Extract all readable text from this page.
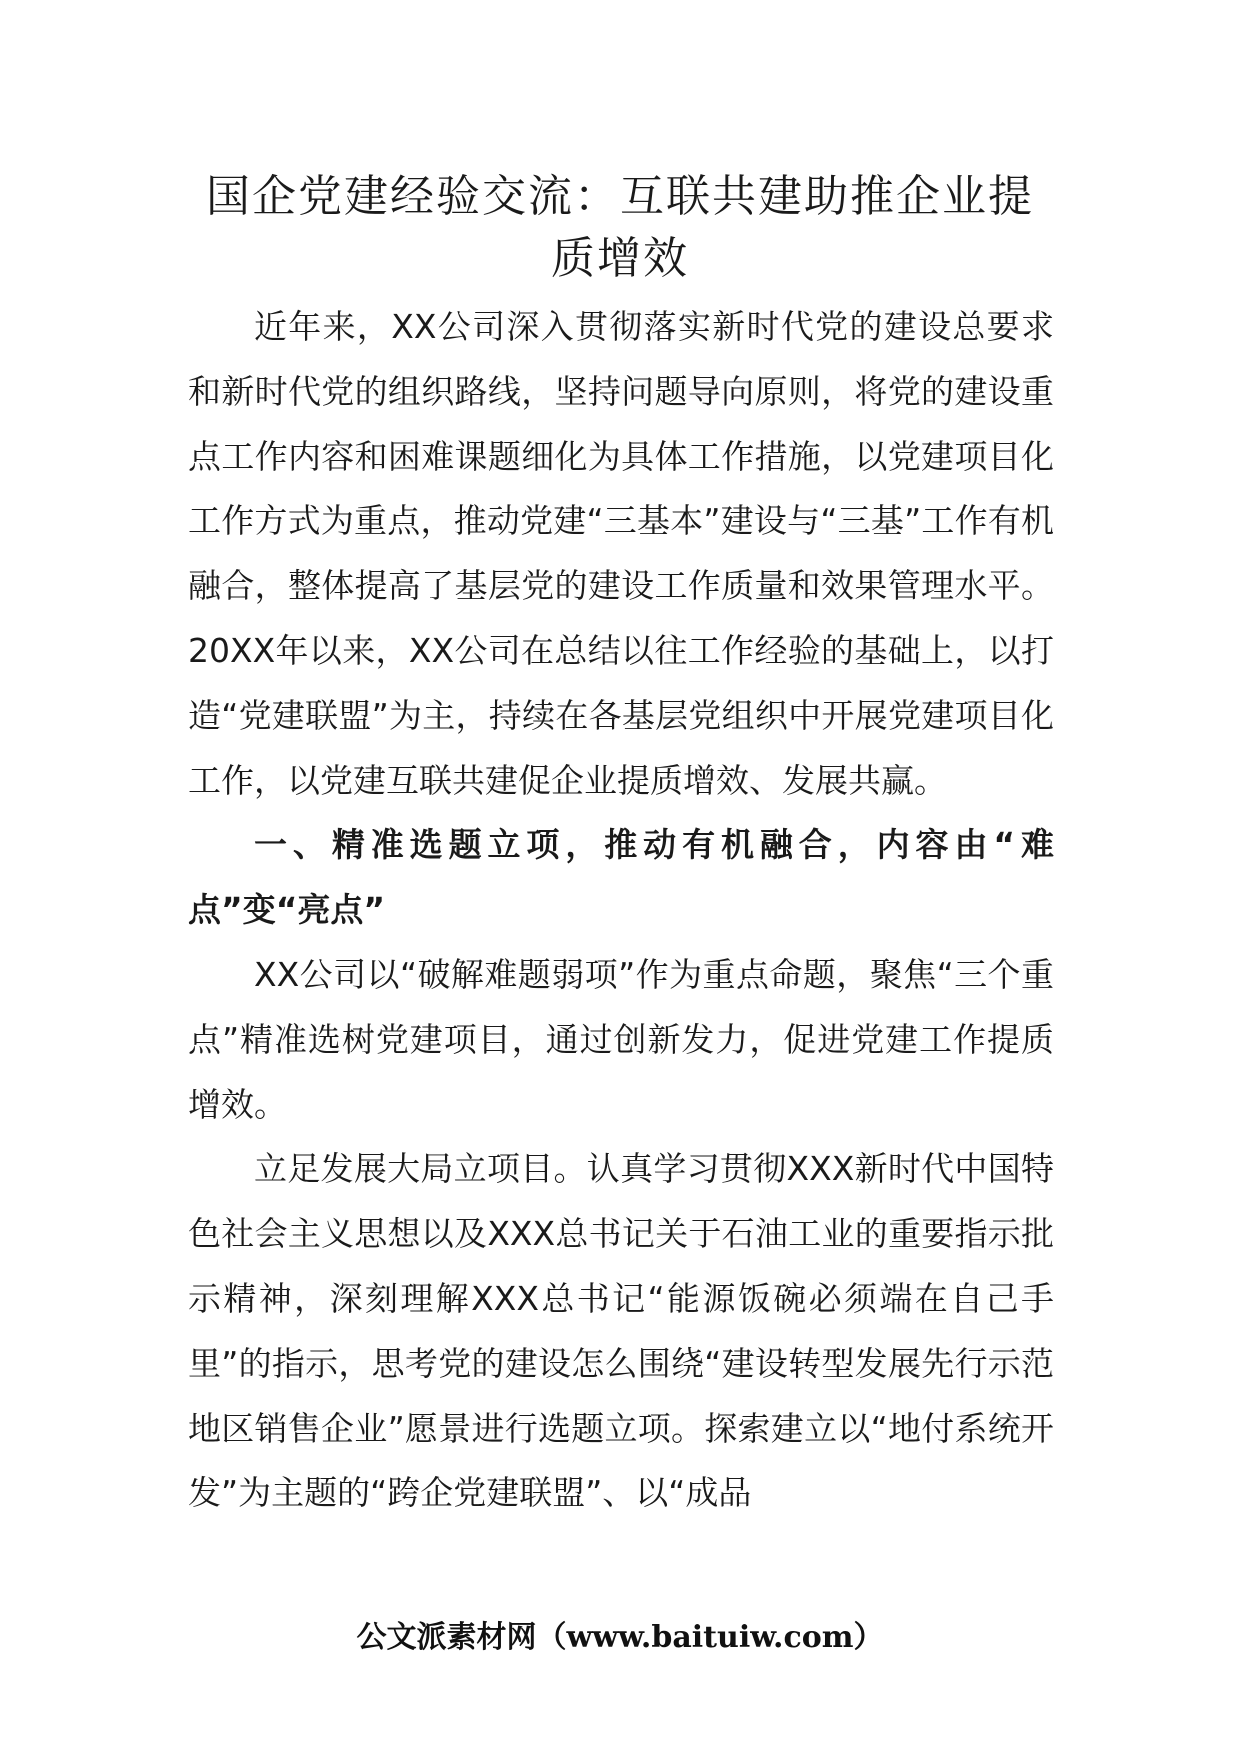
国企党建经验交流：互联共建助推企业提质增效

近年来，XX公司深入贯彻落实新时代党的建设总要求和新时代党的组织路线，坚持问题导向原则，将党的建设重点工作内容和困难课题细化为具体工作措施，以党建项目化工作方式为重点，推动党建“三基本”建设与“三基”工作有机融合，整体提高了基层党的建设工作质量和效果管理水平。20XX年以来，XX公司在总结以往工作经验的基础上，以打造“党建联盟”为主，持续在各基层党组织中开展党建项目化工作，以党建互联共建促企业提质增效、发展共赢。

一、精准选题立项，推动有机融合，内容由“难点”变“亮点”

XX公司以“破解难题弱项”作为重点命题，聚焦“三个重点”精准选树党建项目，通过创新发力，促进党建工作提质增效。

立足发展大局立项目。认真学习贯彻XXX新时代中国特色社会主义思想以及XXX总书记关于石油工业的重要指示批示精神，深刻理解XXX总书记“能源饭碗必须端在自己手里”的指示，思考党的建设怎么围绕“建设转型发展先行示范地区销售企业”愿景进行选题立项。探索建立以“地付系统开发”为主题的“跨企党建联盟”、以“成品

公文派素材网（www.baituiw.com）
